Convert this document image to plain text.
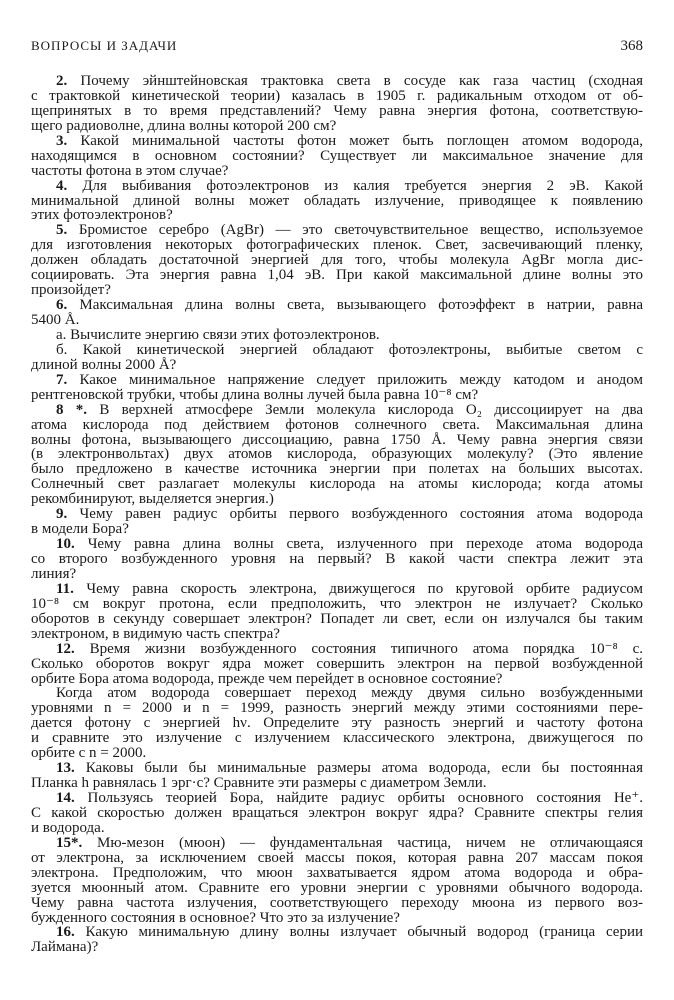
ВОПРОСЫ И ЗАДАЧИ	368
2. Почему эйнштейновская трактовка света в сосуде как газа частиц (сходная
с трактовкой кинетической теории) казалась в 1905 г. радикальным отходом от об-
щепринятых в то время представлений? Чему равна энергия фотона, соответствую-
щего радиоволне, длина волны которой 200 см?
3. Какой минимальной частоты фотон может быть поглощен атомом водорода,
находящимся в основном состоянии? Существует ли максимальное значение для
частоты фотона в этом случае?
4. Для выбивания фотоэлектронов из калия требуется энергия 2 эВ. Какой
минимальной длиной волны может обладать излучение, приводящее к появлению
этих фотоэлектронов?
5. Бромистое серебро (AgBr) — это светочувствительное вещество, используемое
для изготовления некоторых фотографических пленок. Свет, засвечивающий пленку,
должен обладать достаточной энергией для того, чтобы молекула AgBr могла дис-
социировать. Эта энергия равна 1,04 эВ. При какой максимальной длине волны это
произойдет?
6. Максимальная длина волны света, вызывающего фотоэффект в натрии, равна
5400 Å.
а. Вычислите энергию связи этих фотоэлектронов.
б. Какой кинетической энергией обладают фотоэлектроны, выбитые светом с
длиной волны 2000 Å?
7. Какое минимальное напряжение следует приложить между катодом и анодом
рентгеновской трубки, чтобы длина волны лучей была равна 10⁻⁸ см?
8 *. В верхней атмосфере Земли молекула кислорода O₂ диссоциирует на два
атома кислорода под действием фотонов солнечного света. Максимальная длина
волны фотона, вызывающего диссоциацию, равна 1750 Å. Чему равна энергия связи
(в электронвольтах) двух атомов кислорода, образующих молекулу? (Это явление
было предложено в качестве источника энергии при полетах на больших высотах.
Солнечный свет разлагает молекулы кислорода на атомы кислорода; когда атомы
рекомбинируют, выделяется энергия.)
9. Чему равен радиус орбиты первого возбужденного состояния атома водорода
в модели Бора?
10. Чему равна длина волны света, излученного при переходе атома водорода
со второго возбужденного уровня на первый? В какой части спектра лежит эта
линия?
11. Чему равна скорость электрона, движущегося по круговой орбите радиусом
10⁻⁸ см вокруг протона, если предположить, что электрон не излучает? Сколько
оборотов в секунду совершает электрон? Попадет ли свет, если он излучался бы таким
электроном, в видимую часть спектра?
12. Время жизни возбужденного состояния типичного атома порядка 10⁻⁸ с.
Сколько оборотов вокруг ядра может совершить электрон на первой возбужденной
орбите Бора атома водорода, прежде чем перейдет в основное состояние?
Когда атом водорода совершает переход между двумя сильно возбужденными
уровнями n = 2000 и n = 1999, разность энергий между этими состояниями пере-
дается фотону с энергией hν. Определите эту разность энергий и частоту фотона
и сравните это излучение с излучением классического электрона, движущегося по
орбите с n = 2000.
13. Каковы были бы минимальные размеры атома водорода, если бы постоянная
Планка h равнялась 1 эрг·с? Сравните эти размеры с диаметром Земли.
14. Пользуясь теорией Бора, найдите радиус орбиты основного состояния He⁺.
С какой скоростью должен вращаться электрон вокруг ядра? Сравните спектры гелия
и водорода.
15*. Мю-мезон (мюон) — фундаментальная частица, ничем не отличающаяся
от электрона, за исключением своей массы покоя, которая равна 207 массам покоя
электрона. Предположим, что мюон захватывается ядром атома водорода и обра-
зуется мюонный атом. Сравните его уровни энергии с уровнями обычного водорода.
Чему равна частота излучения, соответствующего переходу мюона из первого воз-
бужденного состояния в основное? Что это за излучение?
16. Какую минимальную длину волны излучает обычный водород (граница серии
Лаймана)?
